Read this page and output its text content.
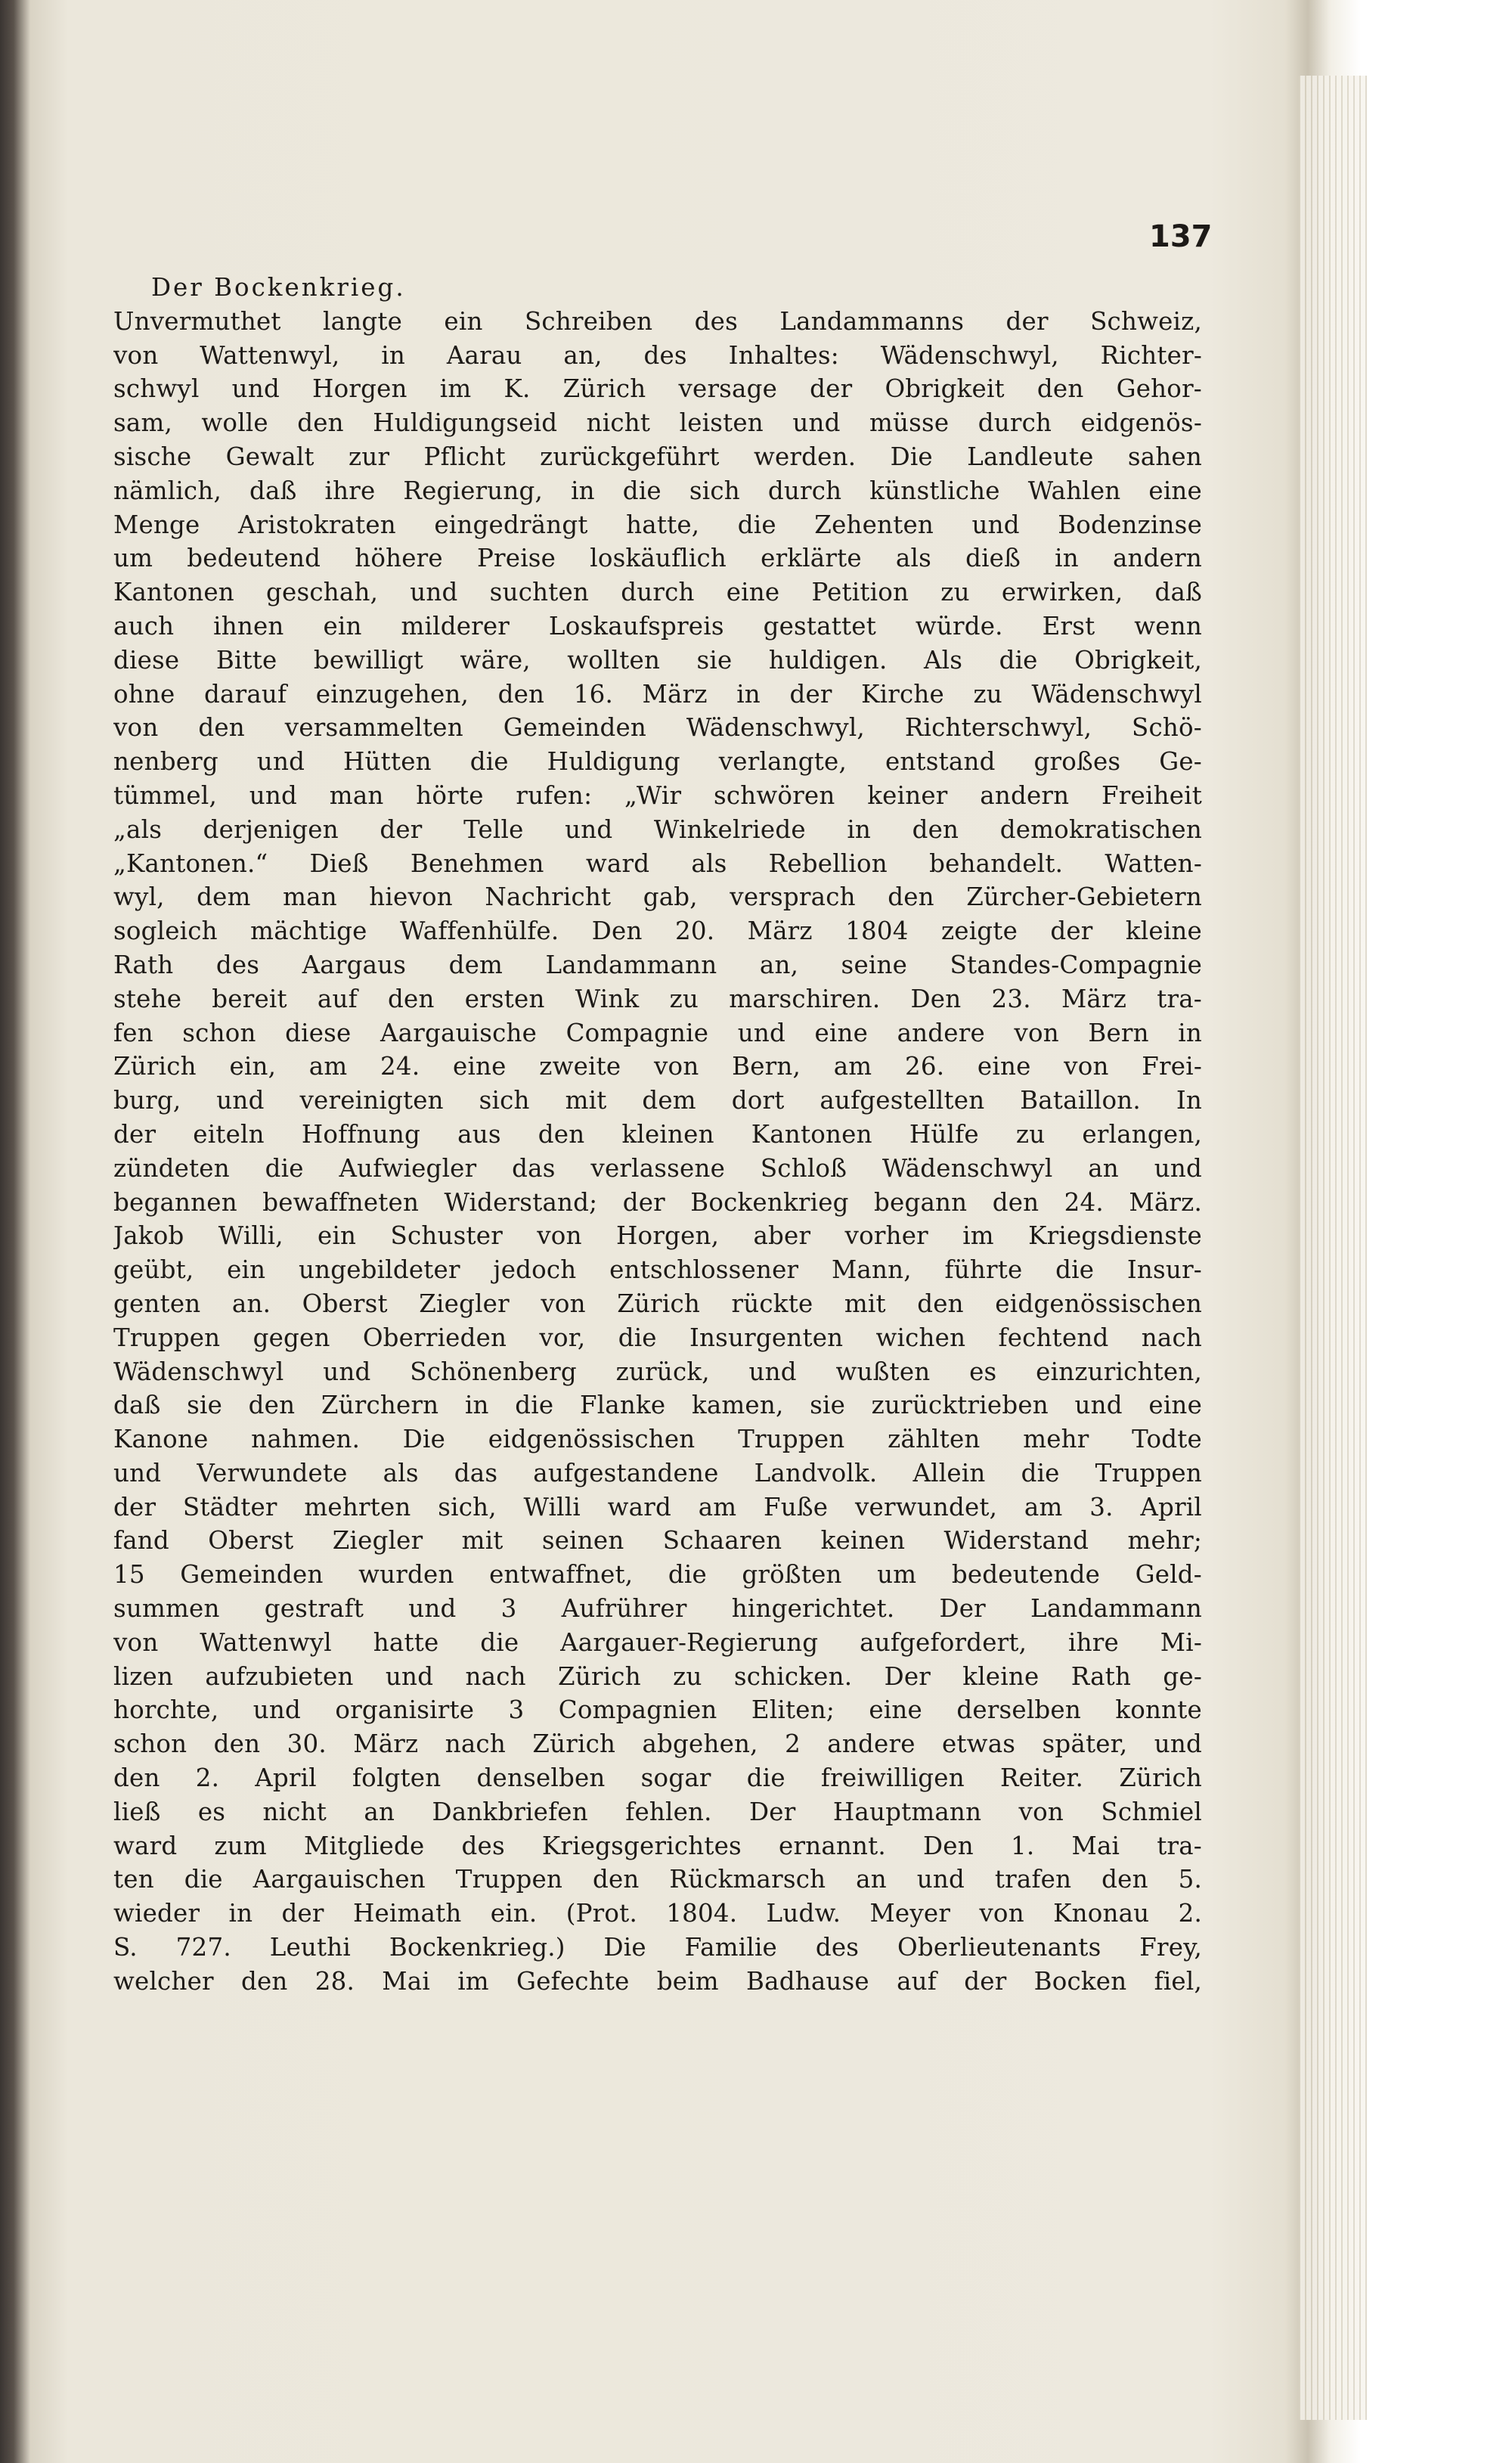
137
Der Bockenkrieg.
Unvermuthet langte ein Schreiben des Landammanns der Schweiz,
von Wattenwyl, in Aarau an, des Inhaltes: Wädenschwyl, Richter-
schwyl und Horgen im K. Zürich versage der Obrigkeit den Gehor-
sam, wolle den Huldigungseid nicht leisten und müsse durch eidgenös-
sische Gewalt zur Pflicht zurückgeführt werden. Die Landleute sahen
nämlich, daß ihre Regierung, in die sich durch künstliche Wahlen eine
Menge Aristokraten eingedrängt hatte, die Zehenten und Bodenzinse
um bedeutend höhere Preise loskäuflich erklärte als dieß in andern
Kantonen geschah, und suchten durch eine Petition zu erwirken, daß
auch ihnen ein milderer Loskaufspreis gestattet würde. Erst wenn
diese Bitte bewilligt wäre, wollten sie huldigen. Als die Obrigkeit,
ohne darauf einzugehen, den 16. März in der Kirche zu Wädenschwyl
von den versammelten Gemeinden Wädenschwyl, Richterschwyl, Schö-
nenberg und Hütten die Huldigung verlangte, entstand großes Ge-
tümmel, und man hörte rufen: „Wir schwören keiner andern Freiheit
„als derjenigen der Telle und Winkelriede in den demokratischen
„Kantonen.“ Dieß Benehmen ward als Rebellion behandelt. Watten-
wyl, dem man hievon Nachricht gab, versprach den Zürcher-Gebietern
sogleich mächtige Waffenhülfe. Den 20. März 1804 zeigte der kleine
Rath des Aargaus dem Landammann an, seine Standes-Compagnie
stehe bereit auf den ersten Wink zu marschiren. Den 23. März tra-
fen schon diese Aargauische Compagnie und eine andere von Bern in
Zürich ein, am 24. eine zweite von Bern, am 26. eine von Frei-
burg, und vereinigten sich mit dem dort aufgestellten Bataillon. In
der eiteln Hoffnung aus den kleinen Kantonen Hülfe zu erlangen,
zündeten die Aufwiegler das verlassene Schloß Wädenschwyl an und
begannen bewaffneten Widerstand; der Bockenkrieg begann den 24. März.
Jakob Willi, ein Schuster von Horgen, aber vorher im Kriegsdienste
geübt, ein ungebildeter jedoch entschlossener Mann, führte die Insur-
genten an. Oberst Ziegler von Zürich rückte mit den eidgenössischen
Truppen gegen Oberrieden vor, die Insurgenten wichen fechtend nach
Wädenschwyl und Schönenberg zurück, und wußten es einzurichten,
daß sie den Zürchern in die Flanke kamen, sie zurücktrieben und eine
Kanone nahmen. Die eidgenössischen Truppen zählten mehr Todte
und Verwundete als das aufgestandene Landvolk. Allein die Truppen
der Städter mehrten sich, Willi ward am Fuße verwundet, am 3. April
fand Oberst Ziegler mit seinen Schaaren keinen Widerstand mehr;
15 Gemeinden wurden entwaffnet, die größten um bedeutende Geld-
summen gestraft und 3 Aufrührer hingerichtet. Der Landammann
von Wattenwyl hatte die Aargauer-Regierung aufgefordert, ihre Mi-
lizen aufzubieten und nach Zürich zu schicken. Der kleine Rath ge-
horchte, und organisirte 3 Compagnien Eliten; eine derselben konnte
schon den 30. März nach Zürich abgehen, 2 andere etwas später, und
den 2. April folgten denselben sogar die freiwilligen Reiter. Zürich
ließ es nicht an Dankbriefen fehlen. Der Hauptmann von Schmiel
ward zum Mitgliede des Kriegsgerichtes ernannt. Den 1. Mai tra-
ten die Aargauischen Truppen den Rückmarsch an und trafen den 5.
wieder in der Heimath ein. (Prot. 1804. Ludw. Meyer von Knonau 2.
S. 727. Leuthi Bockenkrieg.) Die Familie des Oberlieutenants Frey,
welcher den 28. Mai im Gefechte beim Badhause auf der Bocken fiel,
